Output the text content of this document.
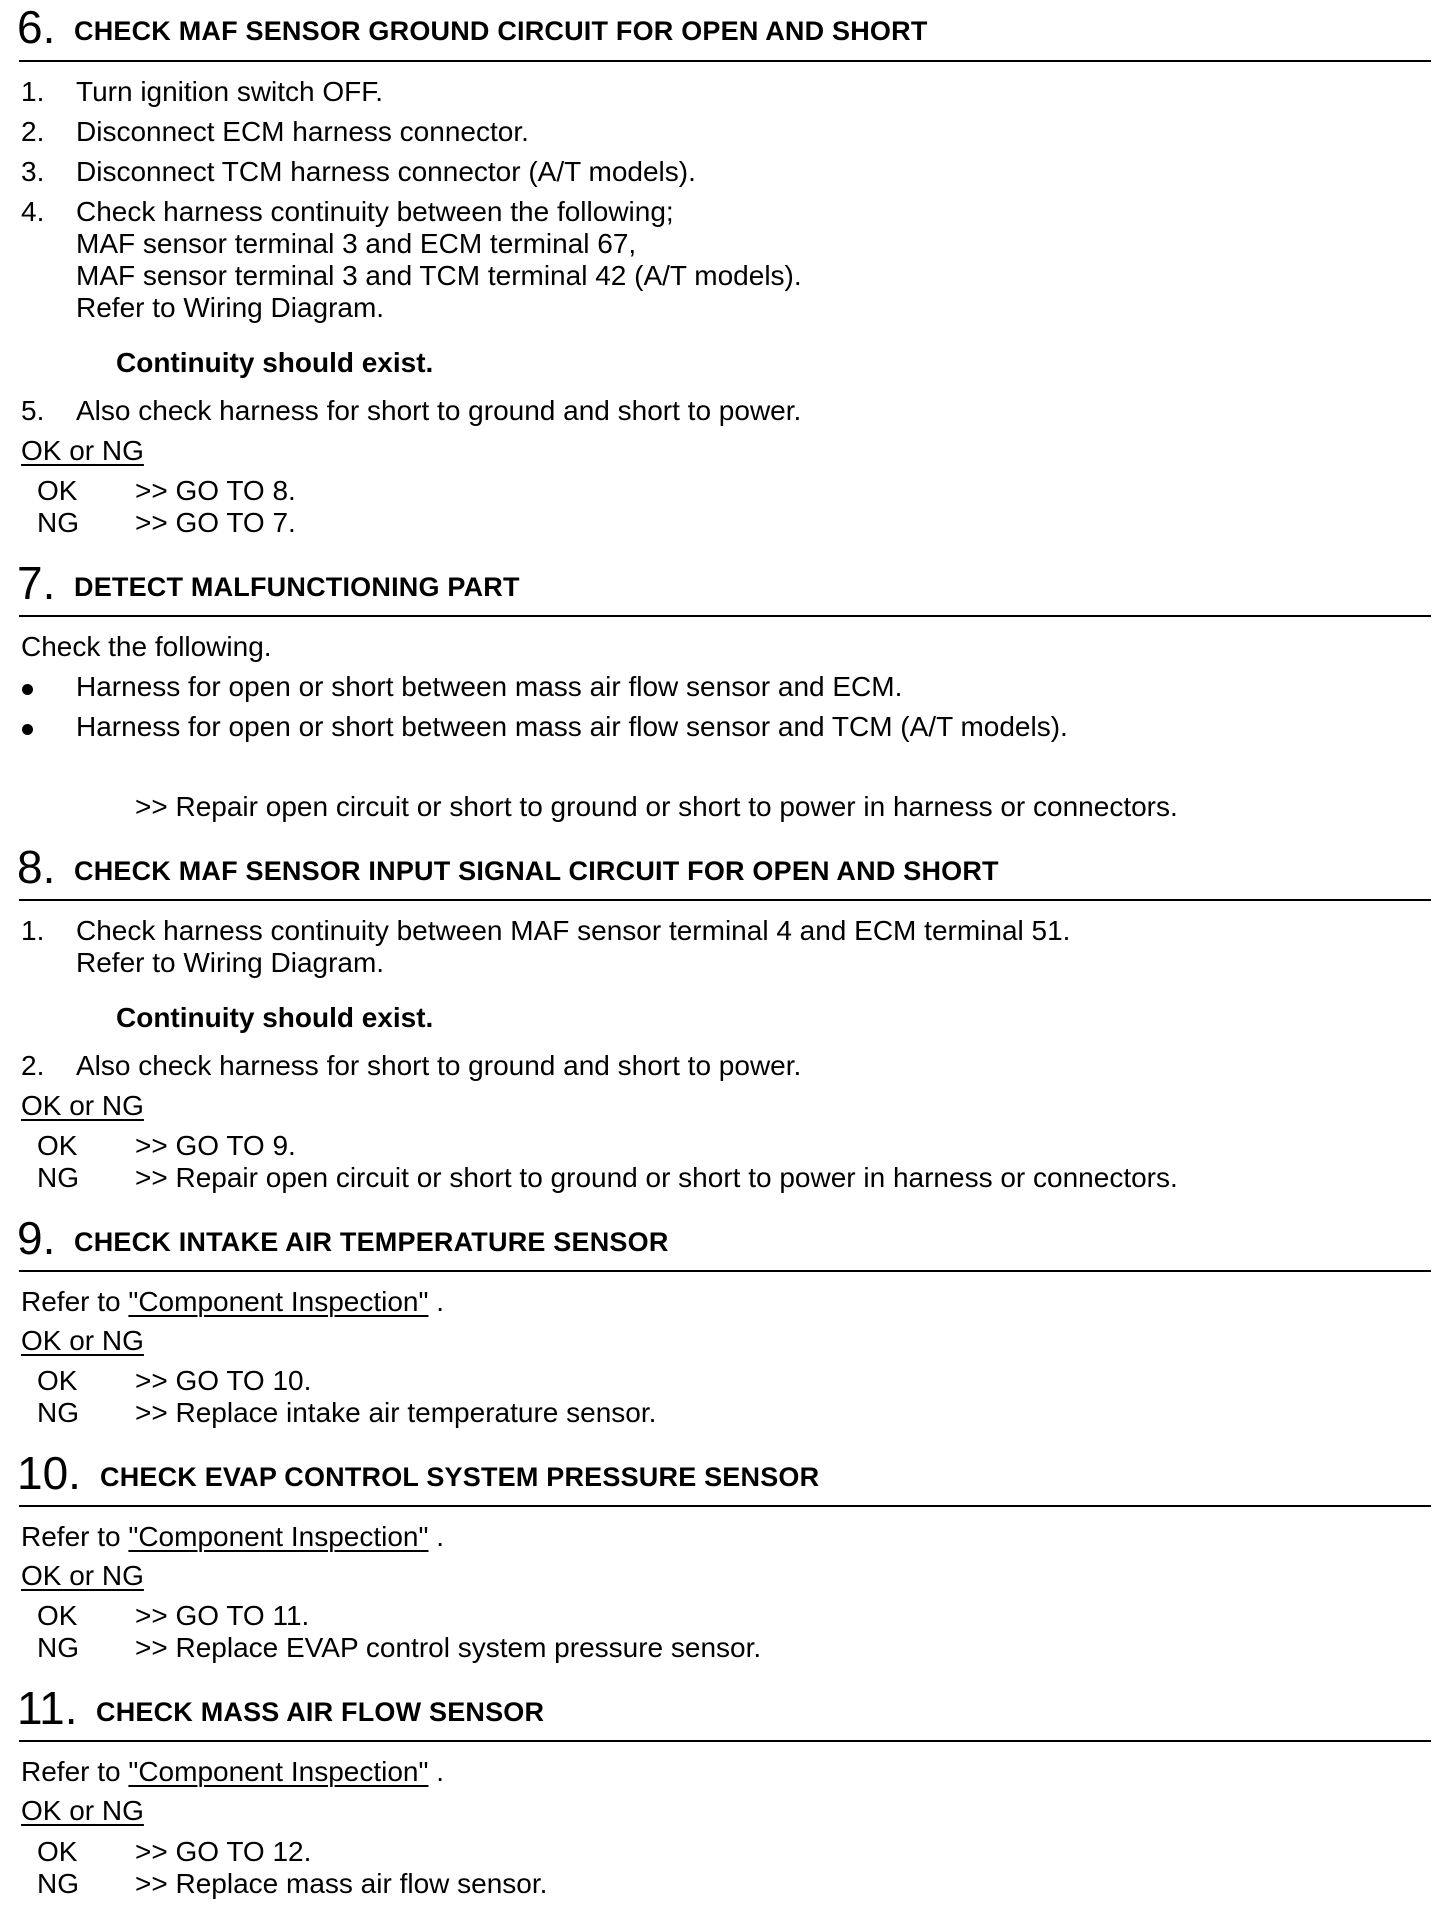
6. CHECK MAF SENSOR GROUND CIRCUIT FOR OPEN AND SHORT
1. Turn ignition switch OFF.
2. Disconnect ECM harness connector.
3. Disconnect TCM harness connector (A/T models).
4. Check harness continuity between the following;
MAF sensor terminal 3 and ECM terminal 67,
MAF sensor terminal 3 and TCM terminal 42 (A/T models).
Refer to Wiring Diagram.
Continuity should exist.
5. Also check harness for short to ground and short to power.
OK or NG
OK >> GO TO 8.
NG >> GO TO 7.
7. DETECT MALFUNCTIONING PART
Check the following.
Harness for open or short between mass air flow sensor and ECM.
Harness for open or short between mass air flow sensor and TCM (A/T models).
>> Repair open circuit or short to ground or short to power in harness or connectors.
8. CHECK MAF SENSOR INPUT SIGNAL CIRCUIT FOR OPEN AND SHORT
1. Check harness continuity between MAF sensor terminal 4 and ECM terminal 51.
Refer to Wiring Diagram.
Continuity should exist.
2. Also check harness for short to ground and short to power.
OK or NG
OK >> GO TO 9.
NG >> Repair open circuit or short to ground or short to power in harness or connectors.
9. CHECK INTAKE AIR TEMPERATURE SENSOR
Refer to "Component Inspection" .
OK or NG
OK >> GO TO 10.
NG >> Replace intake air temperature sensor.
10. CHECK EVAP CONTROL SYSTEM PRESSURE SENSOR
Refer to "Component Inspection" .
OK or NG
OK >> GO TO 11.
NG >> Replace EVAP control system pressure sensor.
11. CHECK MASS AIR FLOW SENSOR
Refer to "Component Inspection" .
OK or NG
OK >> GO TO 12.
NG >> Replace mass air flow sensor.
